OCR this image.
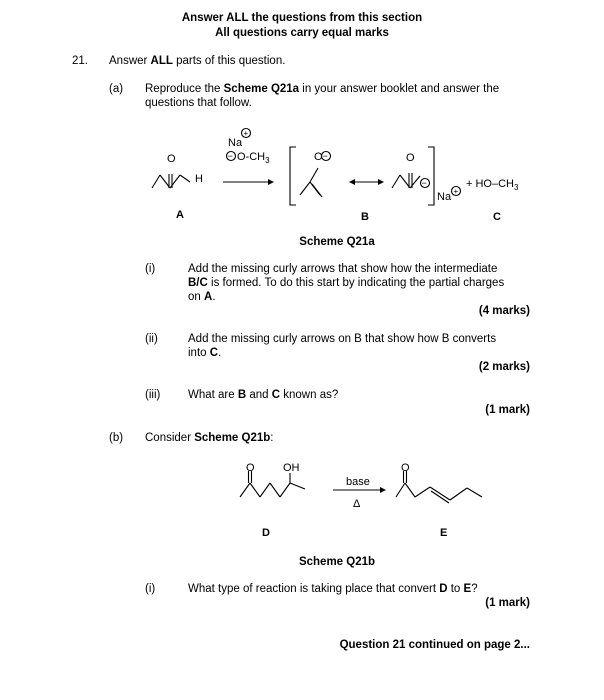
Answer ALL the questions from this section
All questions carry equal marks
21. Answer ALL parts of this question.
(a) Reproduce the Scheme Q21a in your answer booklet and answer the
questions that follow.
O
H
Na
+
− $O-CH_3$	O −	O
−
Na +
+ $HO-CH_3$
A	B	C
Scheme Q21a
(i)	Add the missing curly arrows that show how the intermediate
B/C is formed. To do this start by indicating the partial charges
on A.
(4 marks)
(ii)	Add the missing curly arrows on B that show how B converts
into C.
(2 marks)
(iii) What are B and C known as?
(1 mark)
(b) Consider Scheme Q21b:
O	OH
base
Δ
O
D	E
Scheme Q21b
(i)	What type of reaction is taking place that convert D to E?
(1 mark)
Question 21 continued on page 2...
